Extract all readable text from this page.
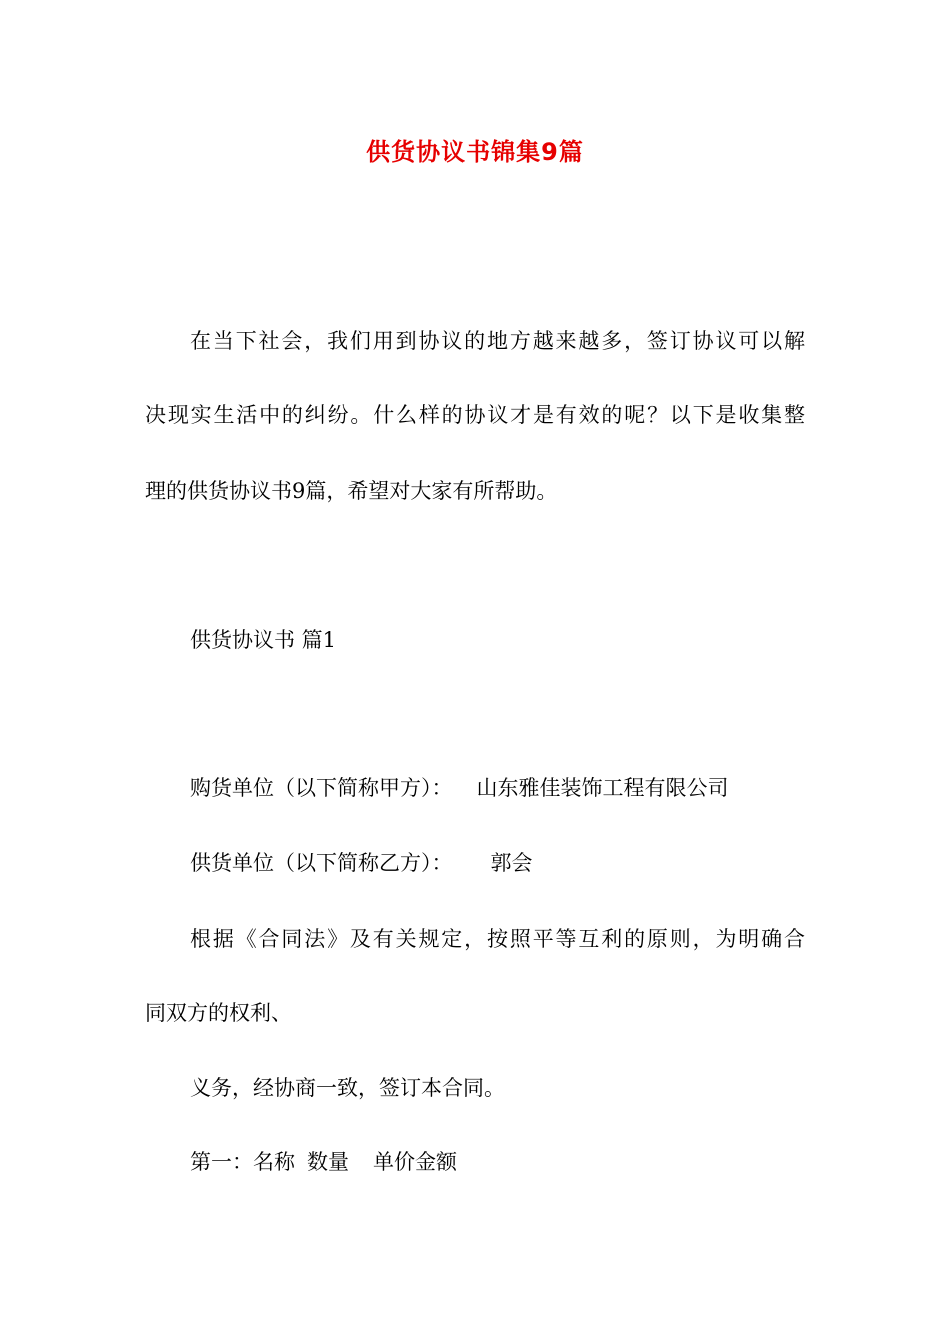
供货协议书锦集9篇
在当下社会，我们用到协议的地方越来越多，签订协议可以解
决现实生活中的纠纷。什么样的协议才是有效的呢？以下是收集整
理的供货协议书9篇，希望对大家有所帮助。
供货协议书 篇1
购货单位（以下简称甲方）： 山东雅佳装饰工程有限公司
供货单位（以下简称乙方）： 郭会
根据《合同法》及有关规定，按照平等互利的原则，为明确合
同双方的权利、
义务，经协商一致，签订本合同。
第一：名称 数量 单价金额
